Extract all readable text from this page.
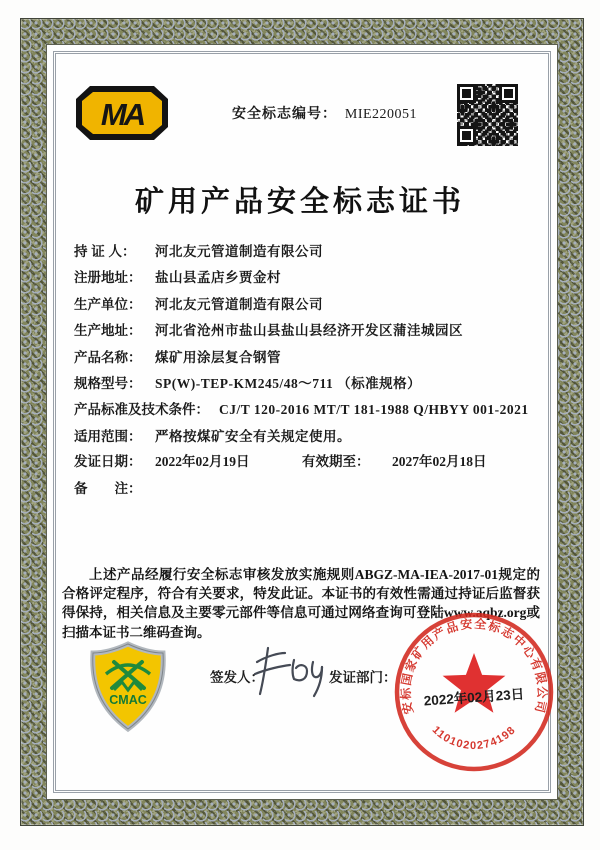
MA	安全标志编号： MIE220051
矿用产品安全标志证书
持 证 人：	河北友元管道制造有限公司
注册地址：	盐山县孟店乡贾金村
生产单位：	河北友元管道制造有限公司
生产地址：	河北省沧州市盐山县盐山县经济开发区蒲洼城园区
产品名称：	煤矿用涂层复合钢管
规格型号：	SP(W)-TEP-KM245/48～711 （标准规格）
产品标准及技术条件： CJ/T 120-2016 MT/T 181-1988 Q/HBYY 001-2021
适用范围：	严格按煤矿安全有关规定使用。
发证日期：	2022年02月19日	有效期至：	2027年02月18日
备　　注：

上述产品经履行安全标志审核发放实施规则ABGZ-MA-IEA-2017-01规定的合格评定程序，符合有关要求，特发此证。本证书的有效性需通过持证后监督获得保持，相关信息及主要零元部件等信息可通过网络查询可登陆www.aqbz.org或扫描本证书二维码查询。

CMAC
签发人：	发证部门：
安标国家矿用产品安全标志中心有限公司
1101020274198
2022年02月23日
